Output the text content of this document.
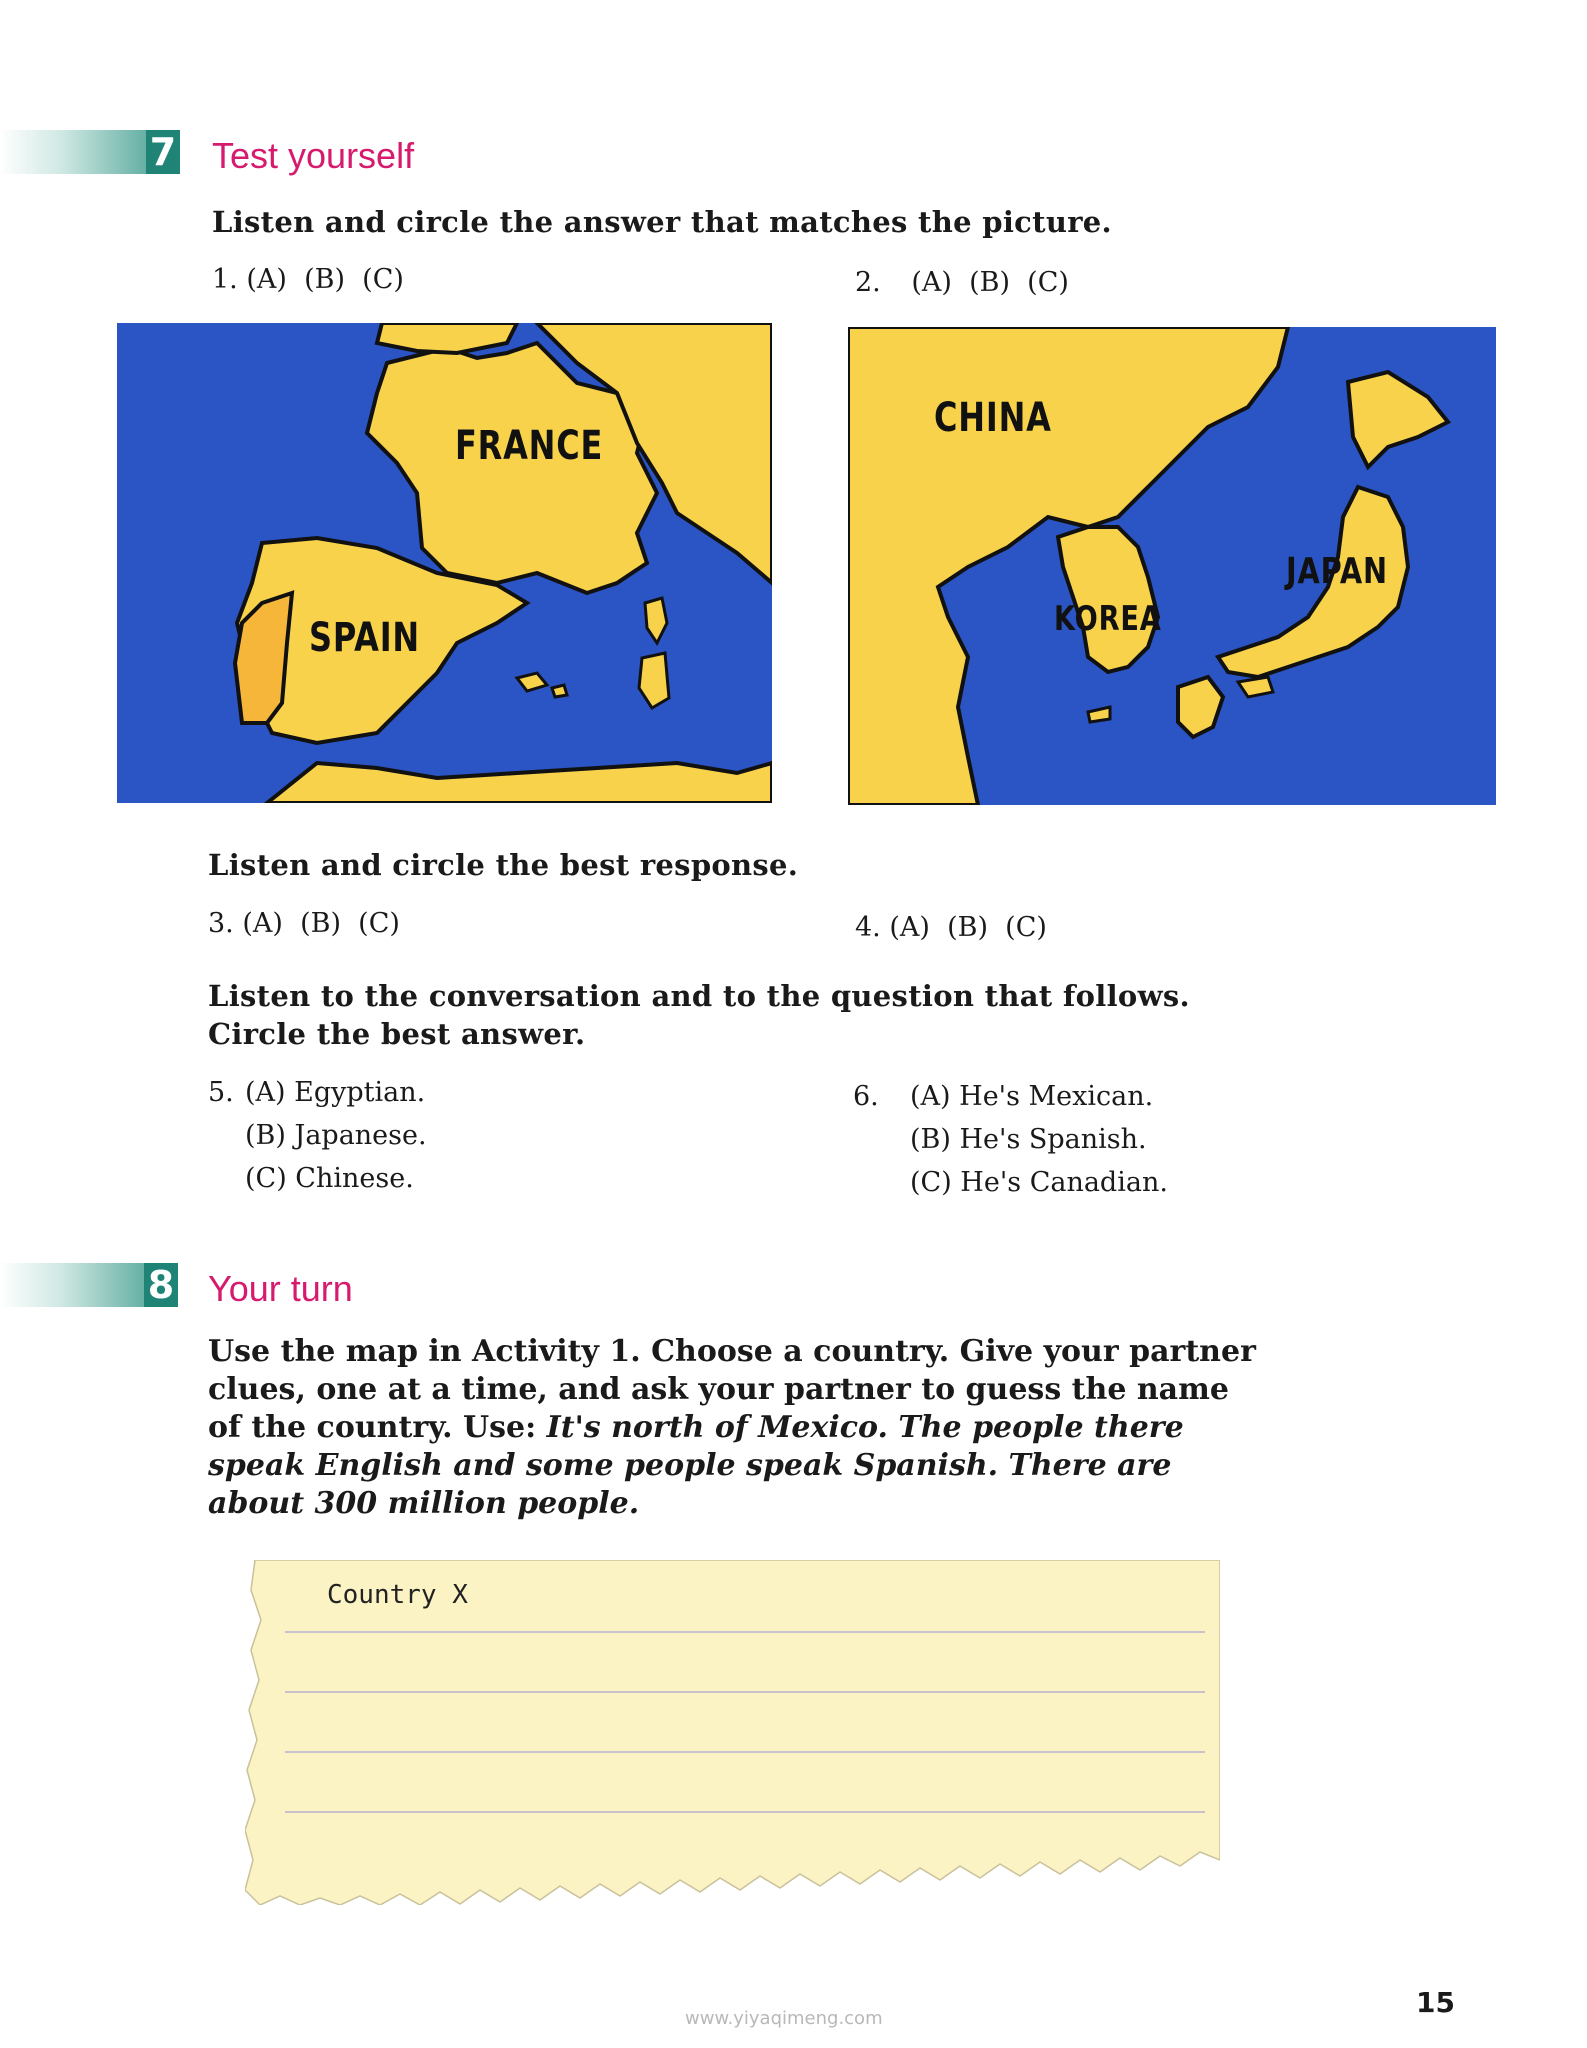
7 Test yourself
Listen and circle the answer that matches the picture.
1. (A)  (B)  (C)	2. (A)  (B)  (C)
FRANCE
SPAIN
CHINA
KOREA
JAPAN
Listen and circle the best response.
3. (A)  (B)  (C)	4. (A)  (B)  (C)
Listen to the conversation and to the question that follows.
Circle the best answer.
5. (A) Egyptian.
(B) Japanese.
(C) Chinese.
6. (A) He's Mexican.
(B) He's Spanish.
(C) He's Canadian.
8 Your turn
Use the map in Activity 1. Choose a country. Give your partner clues, one at a time, and ask your partner to guess the name of the country. Use: It's north of Mexico. The people there speak English and some people speak Spanish. There are about 300 million people.
Country X
15
www.yiyaqimeng.com
